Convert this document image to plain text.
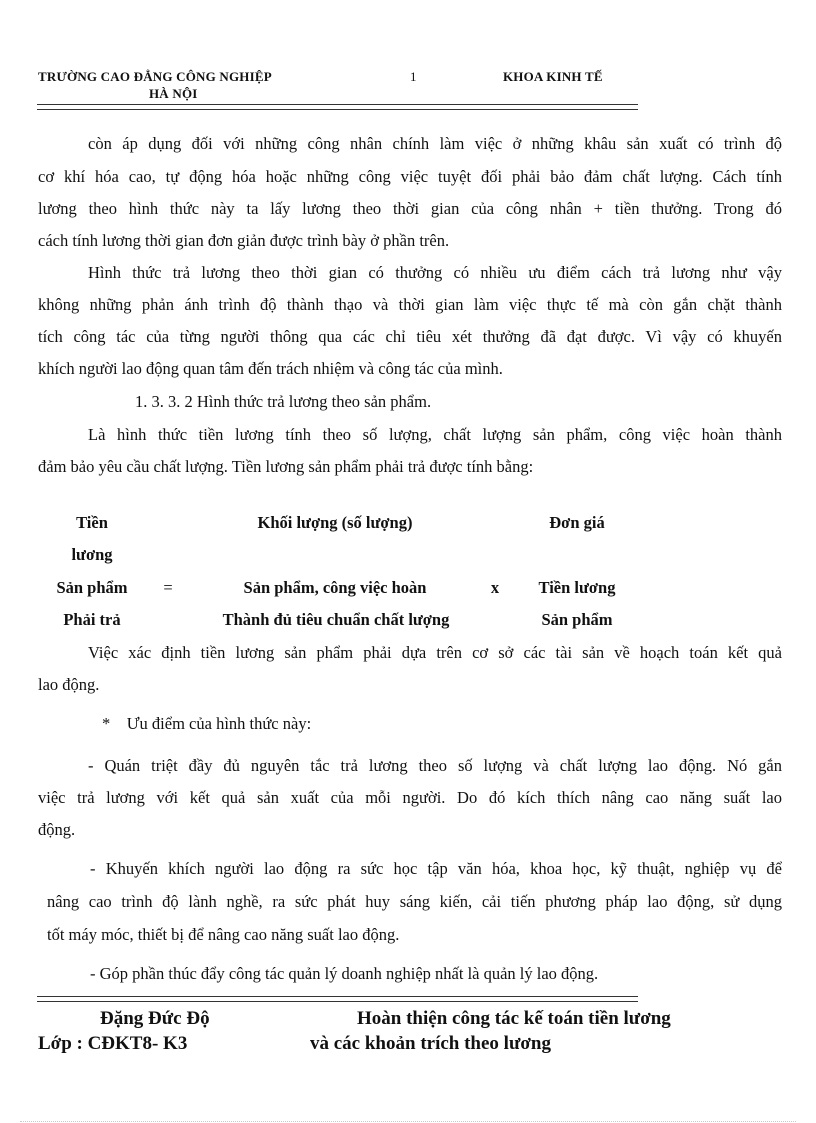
TRƯỜNG CAO ĐẲNG CÔNG NGHIỆP
HÀ NỘI
1	KHOA KINH TẾ
còn áp dụng đối với những công nhân chính làm việc ở những khâu sản xuất có trình độ
cơ khí hóa cao, tự động hóa hoặc những công việc tuyệt đối phải bảo đảm chất lượng. Cách tính
lương theo hình thức này ta lấy lương theo thời gian của công nhân + tiền thưởng. Trong đó
cách tính lương thời gian đơn giản được trình bày ở phần trên.
Hình thức trả lương theo thời gian có thưởng có nhiều ưu điểm cách trả lương như vậy
không những phản ánh trình độ thành thạo và thời gian làm việc thực tế mà còn gắn chặt thành
tích công tác của từng người thông qua các chỉ tiêu xét thưởng đã đạt được. Vì vậy có khuyến
khích người lao động quan tâm đến trách nhiệm và công tác của mình.
1. 3. 3. 2 Hình thức trả lương theo sản phẩm.
Là hình thức tiền lương tính theo số lượng, chất lượng sản phẩm, công việc hoàn thành
đảm bảo yêu cầu chất lượng. Tiền lương sản phẩm phải trả được tính bằng:
Tiền
lương
Sản phẩm
Phải trả
=
Khối lượng (số lượng)
Sản phẩm, công việc hoàn
Thành đủ tiêu chuẩn chất lượng
x
Đơn giá
Tiền lương
Sản phẩm
Việc xác định tiền lương sản phẩm phải dựa trên cơ sở các tài sản về hoạch toán kết quả
lao động.
*    Ưu điểm của hình thức này:
- Quán triệt đầy đủ nguyên tắc trả lương theo số lượng và chất lượng lao động. Nó gắn
việc trả lương với kết quả sản xuất của mỗi người. Do đó kích thích nâng cao năng suất lao
động.
- Khuyến khích người lao động ra sức học tập văn hóa, khoa học, kỹ thuật, nghiệp vụ để
nâng cao trình độ lành nghề, ra sức phát huy sáng kiến, cải tiến phương pháp lao động, sử dụng
tốt máy móc, thiết bị để nâng cao năng suất lao động.
- Góp phần thúc đẩy công tác quản lý doanh nghiệp nhất là quản lý lao động.
Đặng Đức Độ
Lớp : CĐKT8- K3
Hoàn thiện công tác kế toán tiền lương
và các khoản trích theo lương
